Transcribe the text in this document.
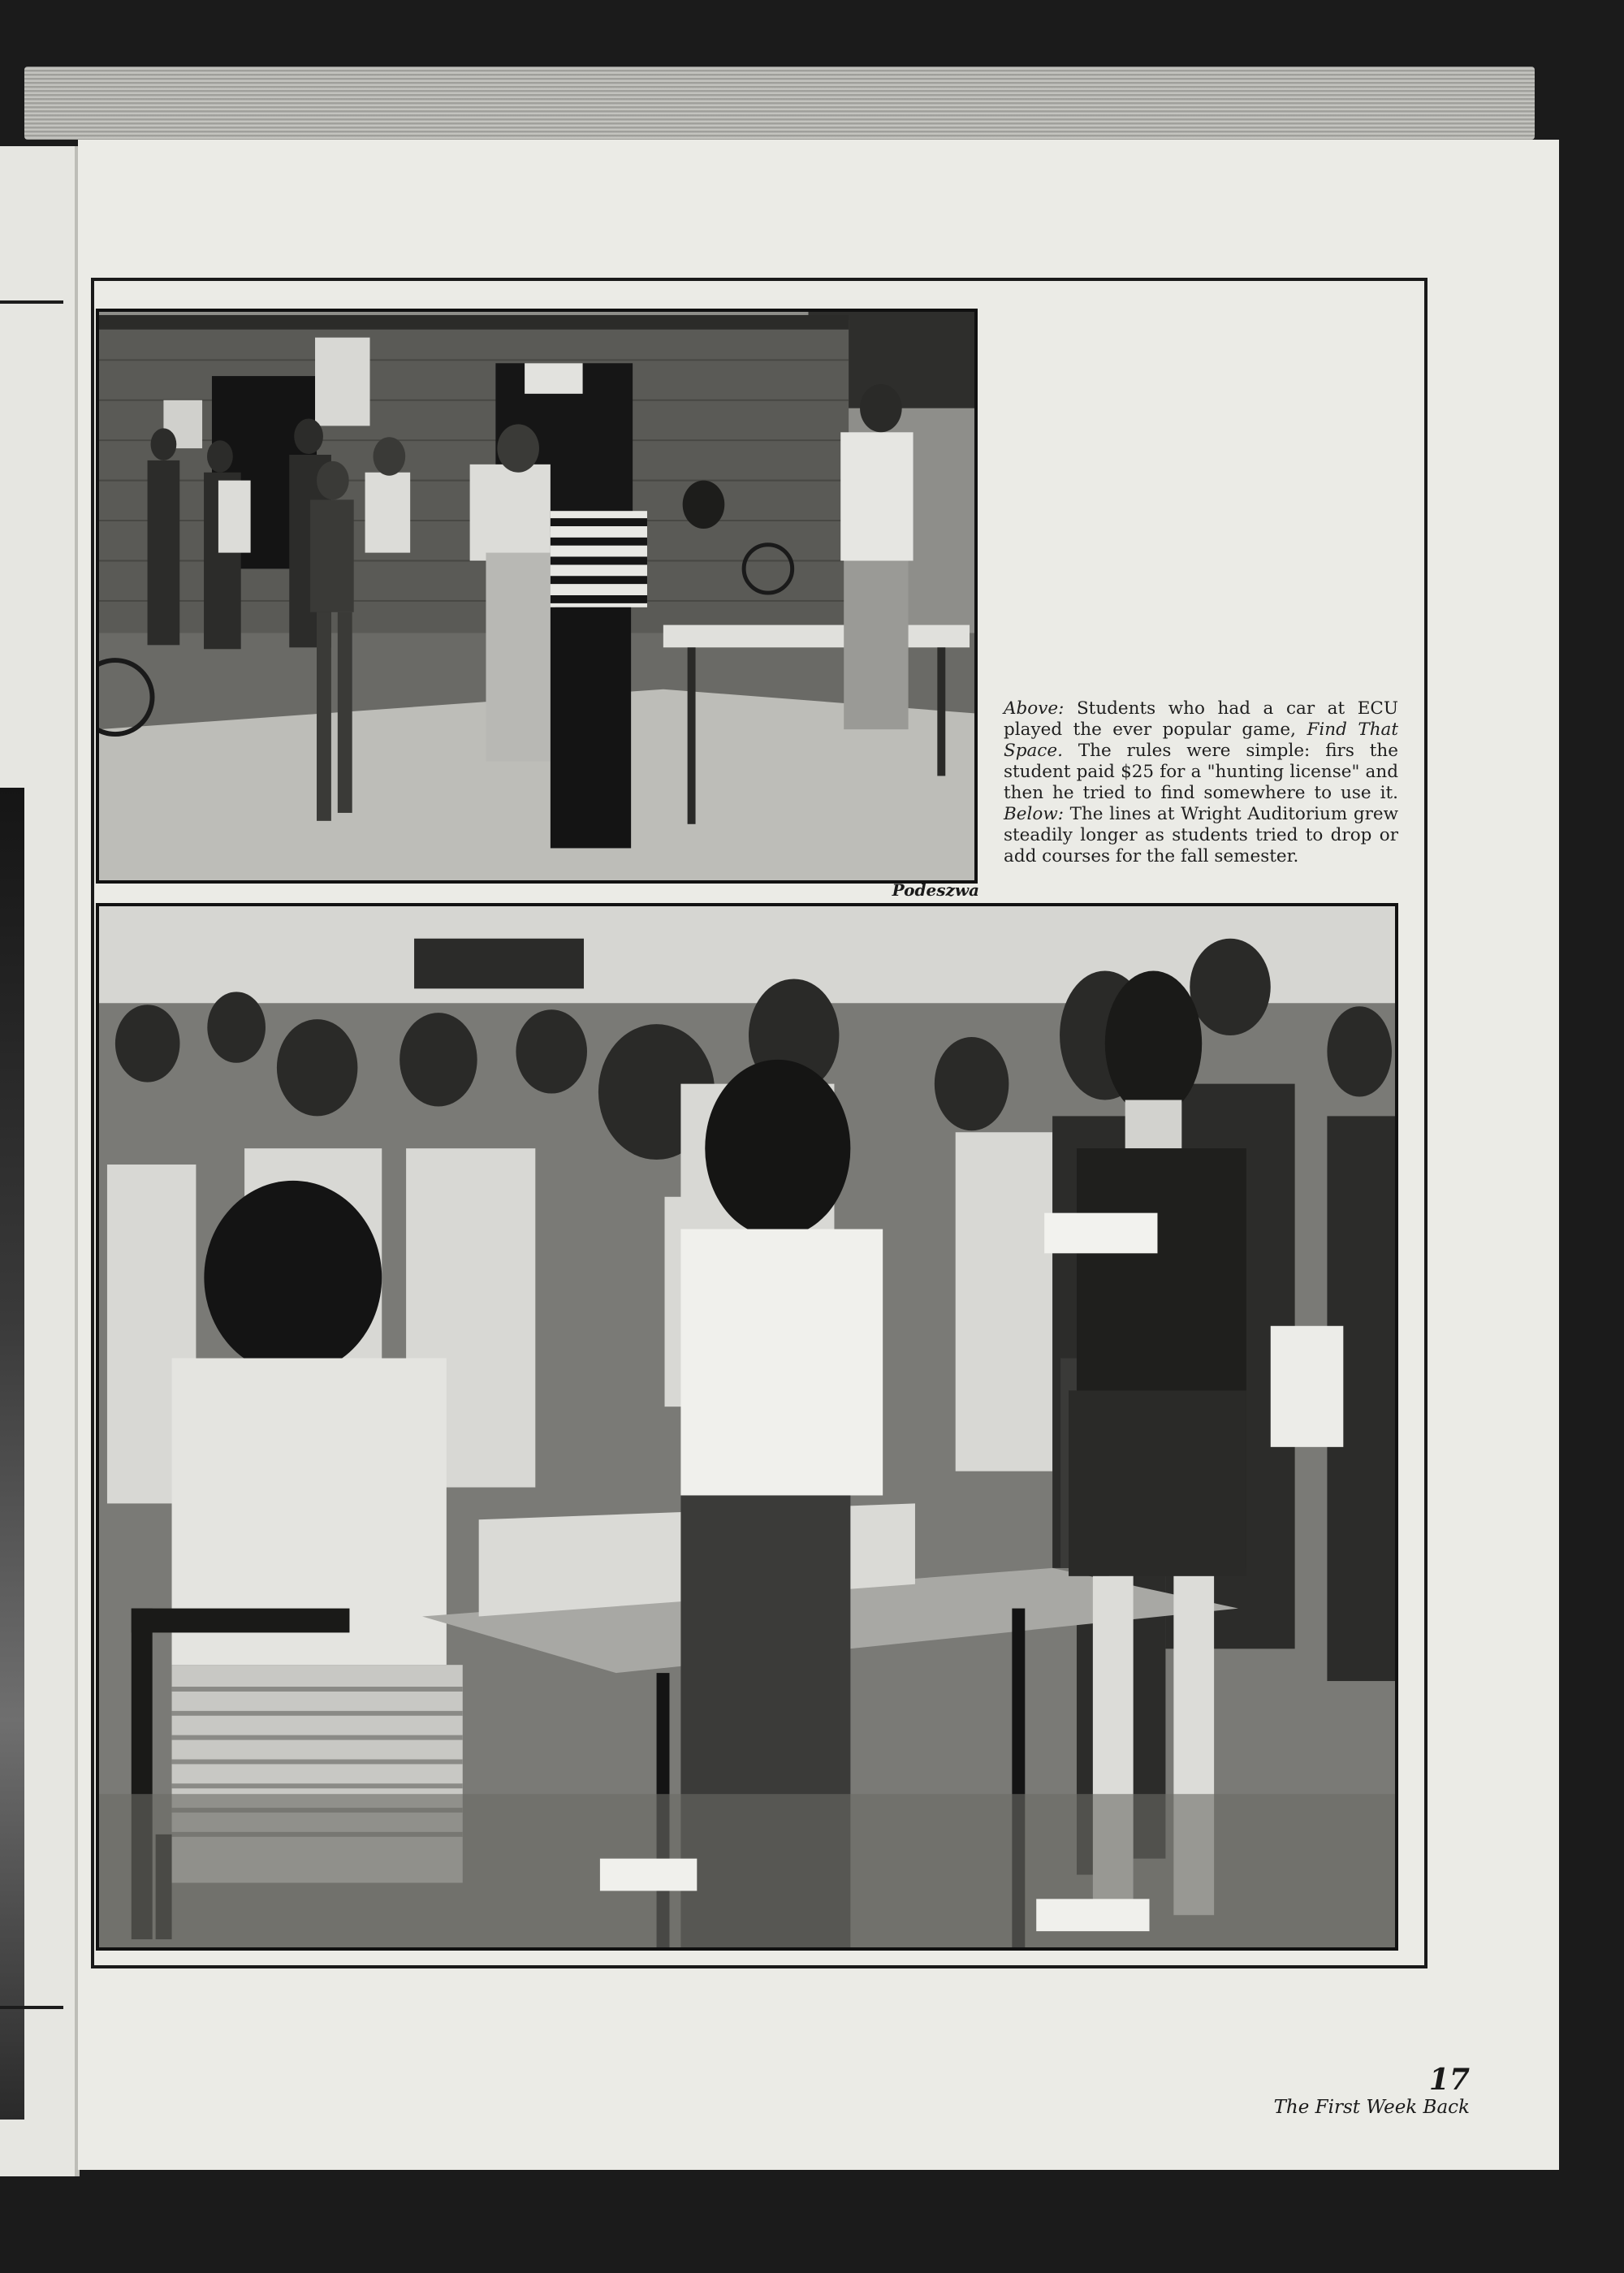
Podeszwa
Above: Students who had a car at ECU played the ever popular game, Find That Space. The rules were simple: firs the student paid $25 for a "hunting license" and then he tried to find somewhere to use it. Below: The lines at Wright Auditorium grew steadily longer as students tried to drop or add courses for the fall semester.
17
The First Week Back
